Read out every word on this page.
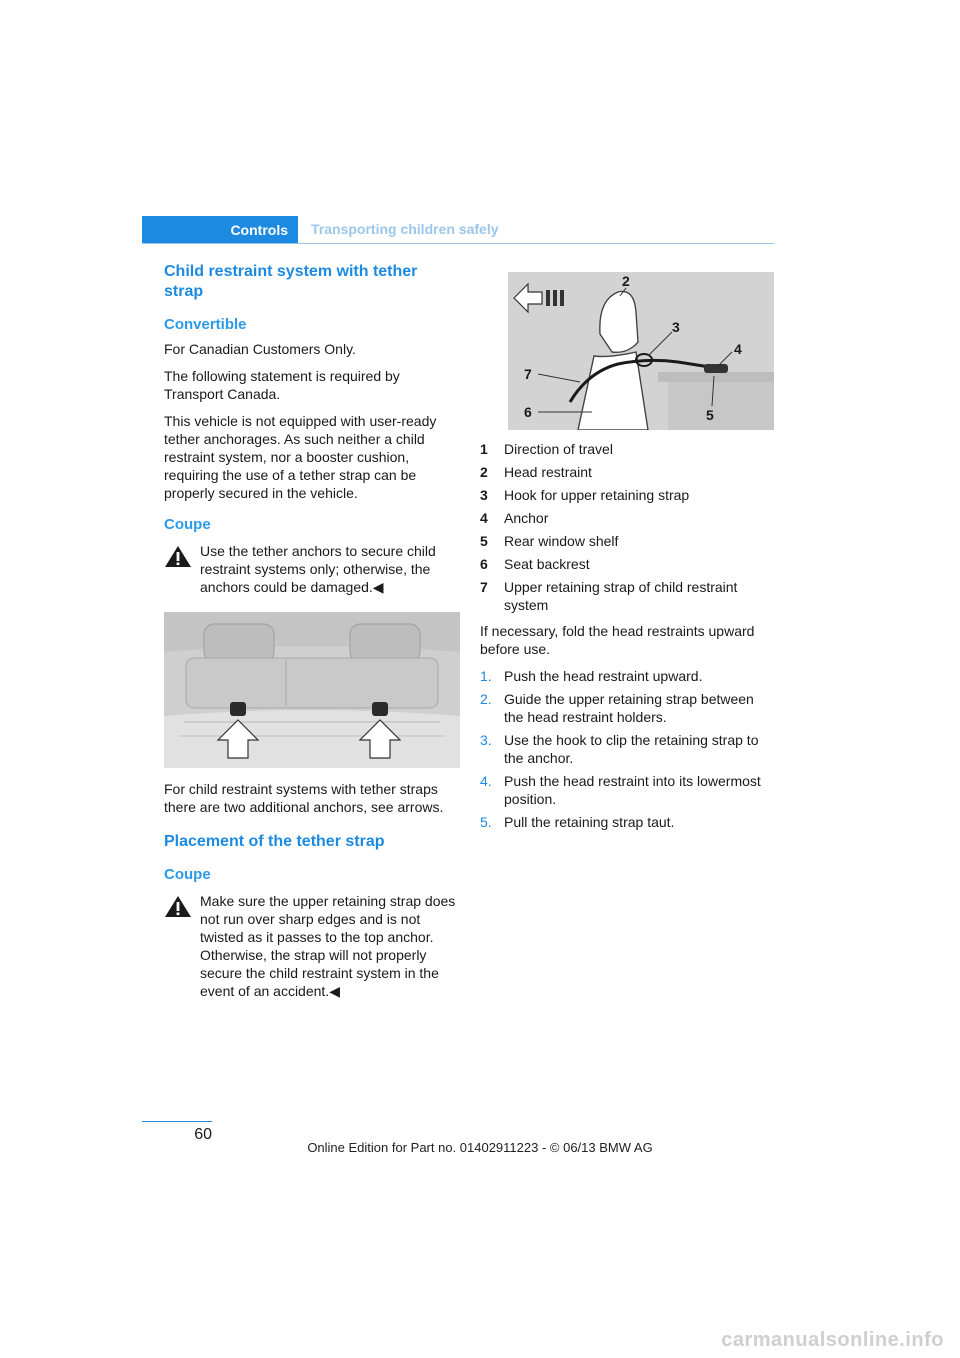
Controls	Transporting children safely
Child restraint system with tether strap
Convertible

For Canadian Customers Only.

The following statement is required by Transport Canada.

This vehicle is not equipped with user-ready tether anchorages. As such neither a child restraint system, nor a booster cushion, requiring the use of a tether strap can be properly secured in the vehicle.

Coupe
Use the tether anchors to secure child restraint systems only; otherwise, the anchors could be damaged.◀

For child restraint systems with tether straps there are two additional anchors, see arrows.

Placement of the tether strap
Coupe
Make sure the upper retaining strap does not run over sharp edges and is not twisted as it passes to the top anchor. Otherwise, the strap will not properly secure the child restraint system in the event of an accident.◀
2
3
4
5
6
7
1	Direction of travel
2	Head restraint
3	Hook for upper retaining strap
4	Anchor
5	Rear window shelf
6	Seat backrest
7	Upper retaining strap of child restraint system

If necessary, fold the head restraints upward before use.

1. Push the head restraint upward.
2. Guide the upper retaining strap between the head restraint holders.
3. Use the hook to clip the retaining strap to the anchor.
4. Push the head restraint into its lowermost position.
5. Pull the retaining strap taut.
60
Online Edition for Part no. 01402911223 - © 06/13 BMW AG
carmanualsonline.info
